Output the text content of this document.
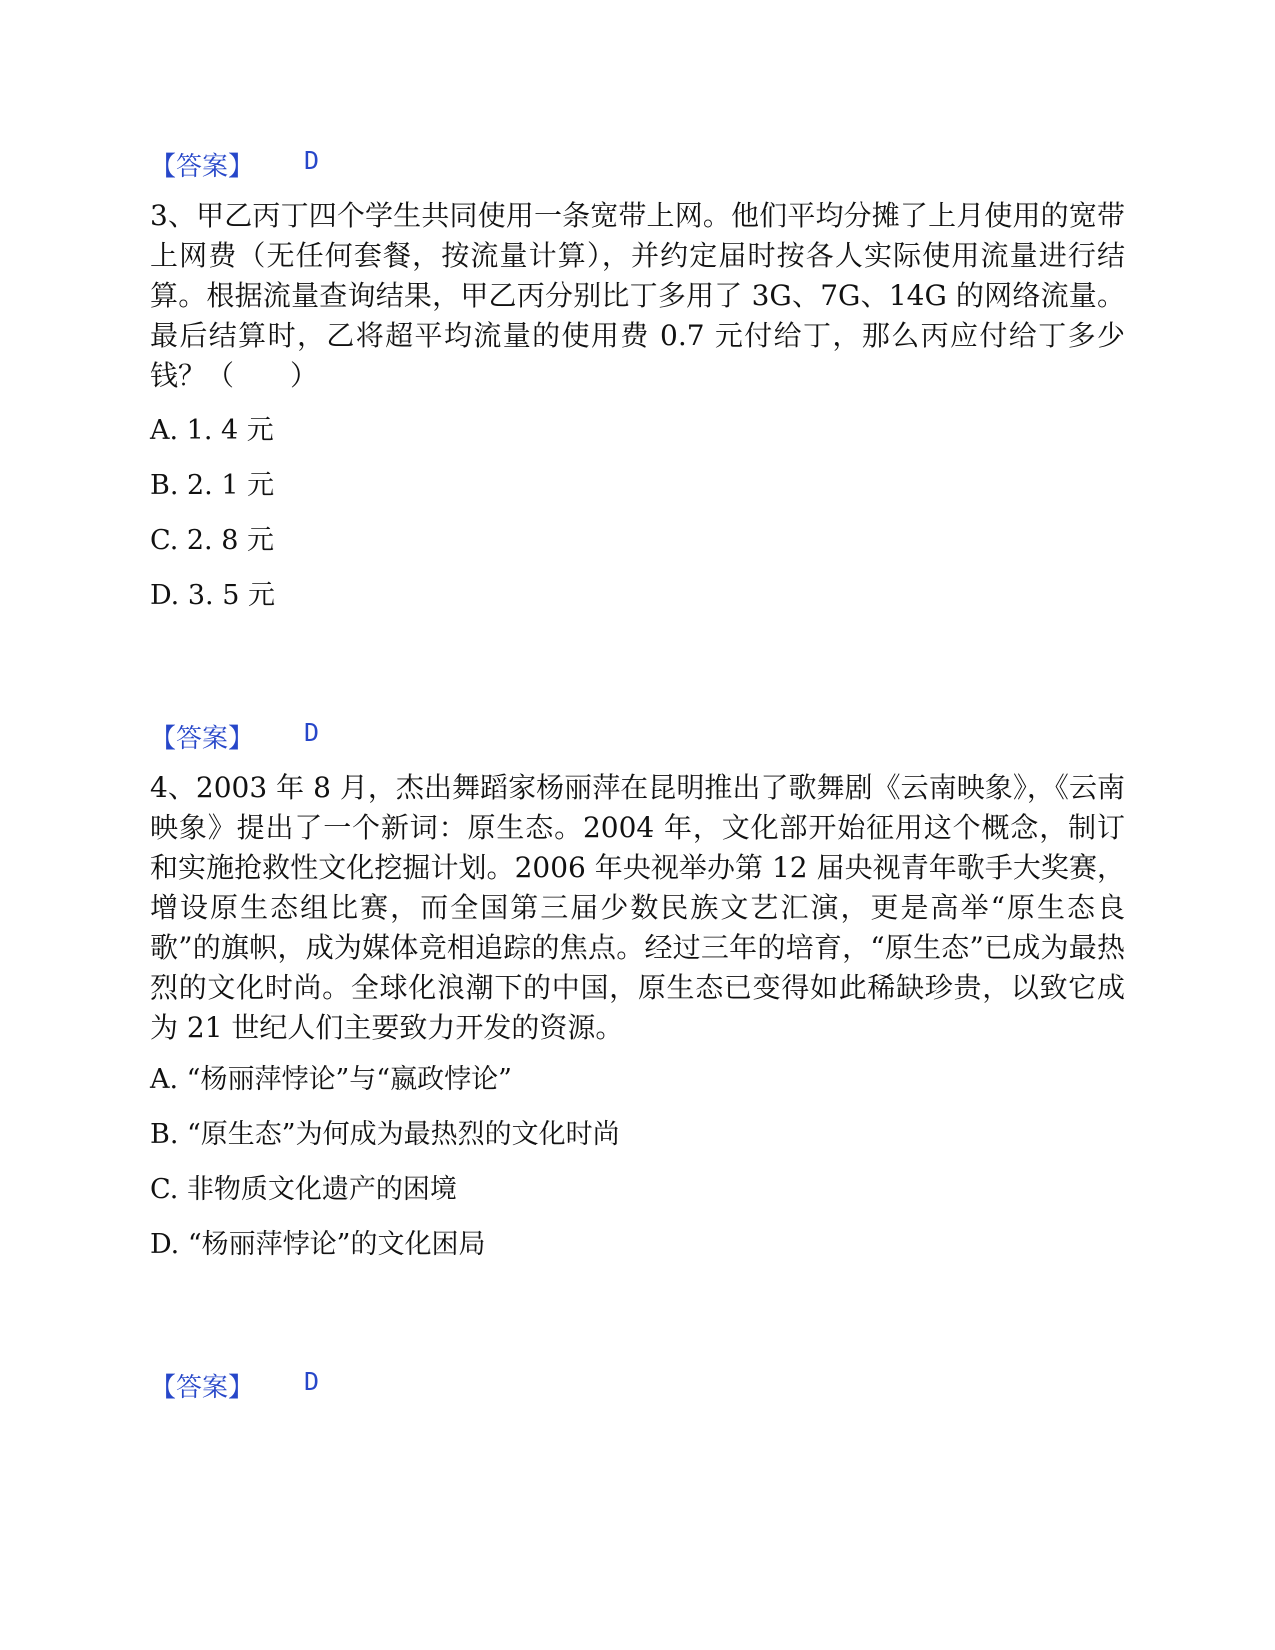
【答案】 D
3、甲乙丙丁四个学生共同使用一条宽带上网。他们平均分摊了上月使用的宽带上网费（无任何套餐，按流量计算），并约定届时按各人实际使用流量进行结算。根据流量查询结果，甲乙丙分别比丁多用了 3G、7G、14G 的网络流量。最后结算时，乙将超平均流量的使用费 0.7 元付给丁，那么丙应付给丁多少钱？（　　）
A. 1. 4 元
B. 2. 1 元
C. 2. 8 元
D. 3. 5 元
【答案】 D
4、2003 年 8 月，杰出舞蹈家杨丽萍在昆明推出了歌舞剧《云南映象》，《云南映象》提出了一个新词：原生态。2004 年，文化部开始征用这个概念，制订和实施抢救性文化挖掘计划。2006 年央视举办第 12 届央视青年歌手大奖赛，增设原生态组比赛，而全国第三届少数民族文艺汇演，更是高举“原生态良歌”的旗帜，成为媒体竞相追踪的焦点。经过三年的培育，“原生态”已成为最热烈的文化时尚。全球化浪潮下的中国，原生态已变得如此稀缺珍贵，以致它成为 21 世纪人们主要致力开发的资源。
A. “杨丽萍悖论”与“嬴政悖论”
B. “原生态”为何成为最热烈的文化时尚
C. 非物质文化遗产的困境
D. “杨丽萍悖论”的文化困局
【答案】 D
